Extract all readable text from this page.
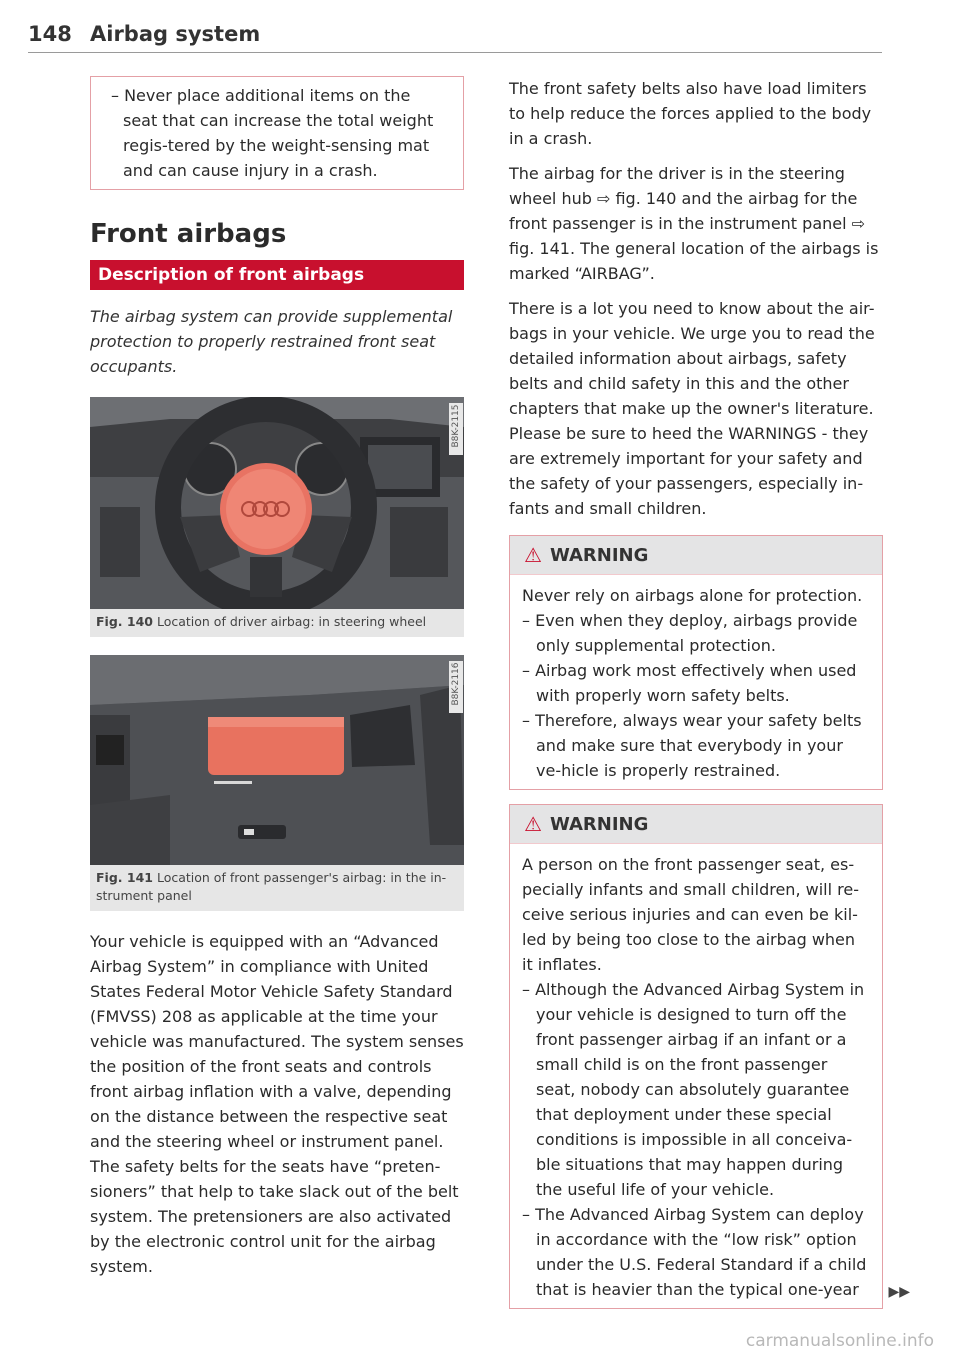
148 Airbag system

– Never place additional items on the seat that can increase the total weight regis-tered by the weight-sensing mat and can cause injury in a crash.

Front airbags
Description of front airbags

The airbag system can provide supplemental protection to properly restrained front seat occupants.

B8K-2115
Fig. 140 Location of driver airbag: in steering wheel
B8K-2116
Fig. 141 Location of front passenger's airbag: in the in-strument panel

Your vehicle is equipped with an “Advanced Airbag System” in compliance with United States Federal Motor Vehicle Safety Standard (FMVSS) 208 as applicable at the time your vehicle was manufactured. The system senses the position of the front seats and controls front airbag inflation with a valve, depending on the distance between the respective seat and the steering wheel or instrument panel. The safety belts for the seats have “preten-sioners” that help to take slack out of the belt system. The pretensioners are also activated by the electronic control unit for the airbag system.

The front safety belts also have load limiters to help reduce the forces applied to the body in a crash.

The airbag for the driver is in the steering wheel hub ⇨ fig. 140 and the airbag for the front passenger is in the instrument panel ⇨ fig. 141. The general location of the airbags is marked “AIRBAG”.

There is a lot you need to know about the air-bags in your vehicle. We urge you to read the detailed information about airbags, safety belts and child safety in this and the other chapters that make up the owner's literature. Please be sure to heed the WARNINGS - they are extremely important for your safety and the safety of your passengers, especially in-fants and small children.

⚠ WARNING

Never rely on airbags alone for protection.

– Even when they deploy, airbags provide only supplemental protection.

– Airbag work most effectively when used with properly worn safety belts.

– Therefore, always wear your safety belts and make sure that everybody in your ve-hicle is properly restrained.

⚠ WARNING

A person on the front passenger seat, es-pecially infants and small children, will re-ceive serious injuries and can even be kil-led by being too close to the airbag when it inflates.

– Although the Advanced Airbag System in your vehicle is designed to turn off the front passenger airbag if an infant or a small child is on the front passenger seat, nobody can absolutely guarantee that deployment under these special conditions is impossible in all conceiva-ble situations that may happen during the useful life of your vehicle.

– The Advanced Airbag System can deploy in accordance with the “low risk” option under the U.S. Federal Standard if a child that is heavier than the typical one-year	▶▶
carmanualsonline.info
